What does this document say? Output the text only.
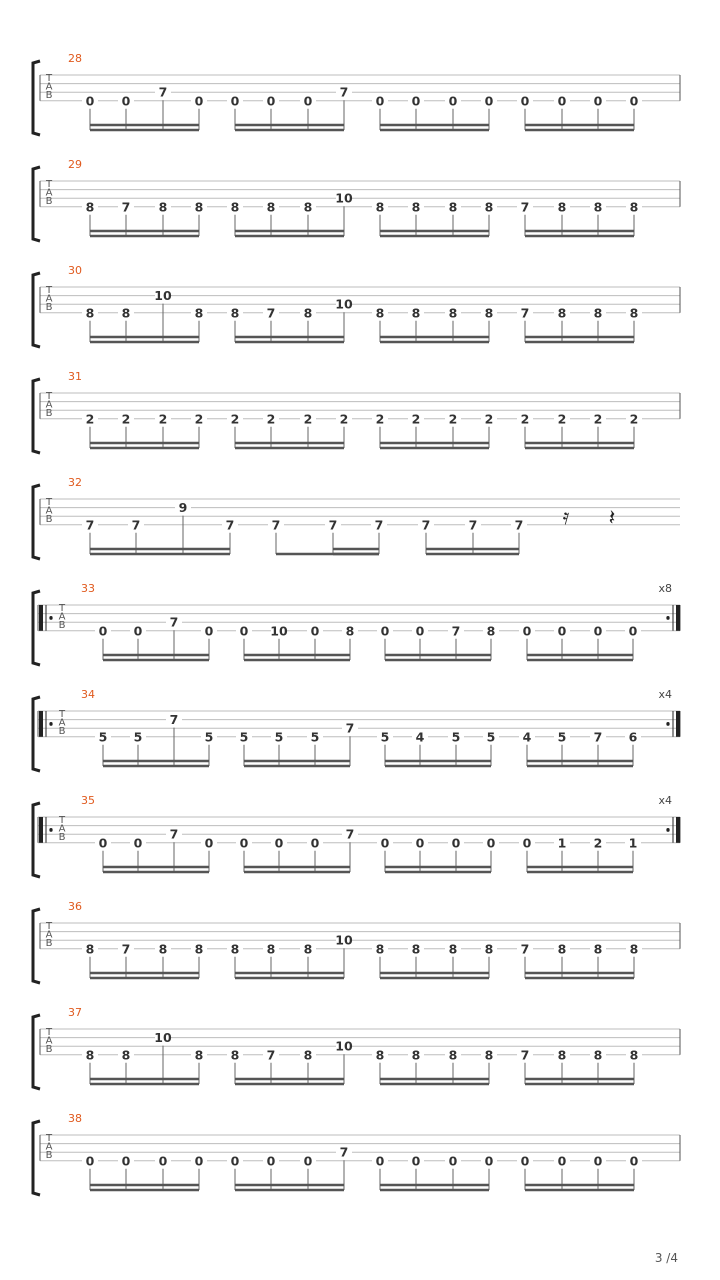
T
A
B
28
0 0
7
0 0 0 0
7
0 0 0 0 0 0 0 0
T
A
B
29
8 7 8 8 8 8 8
10
8 8 8 8 7 8 8 8
T
A
B
30
8 8
10
8 8 7 8
10
8 8 8 8 7 8 8 8
T
A
B
31
2 2 2 2 2 2 2 2 2 2 2 2 2 2 2 2
T
A
B
32
7	7
9
7	7	7	7	7	7	7 𝄿 𝄽
x8
T
A
B
33
0 0
7
0 0 10 0 8 0 0 7 8 0 0 0 0
x4
T
A
B
34
5 5
7
5 5 5 5
7
5 4 5 5 4 5 7 6
x4
T
A
B
35
0 0
7
0 0 0 0
7
0 0 0 0 0 1 2 1
T
A
B
36
8 7 8 8 8 8 8
10
8 8 8 8 7 8 8 8
T
A
B
37
8 8
10
8 8 7 8
10
8 8 8 8 7 8 8 8
T
A
B
38
0 0 0 0 0 0 0
7
0 0 0 0 0 0 0 0
3 /4
